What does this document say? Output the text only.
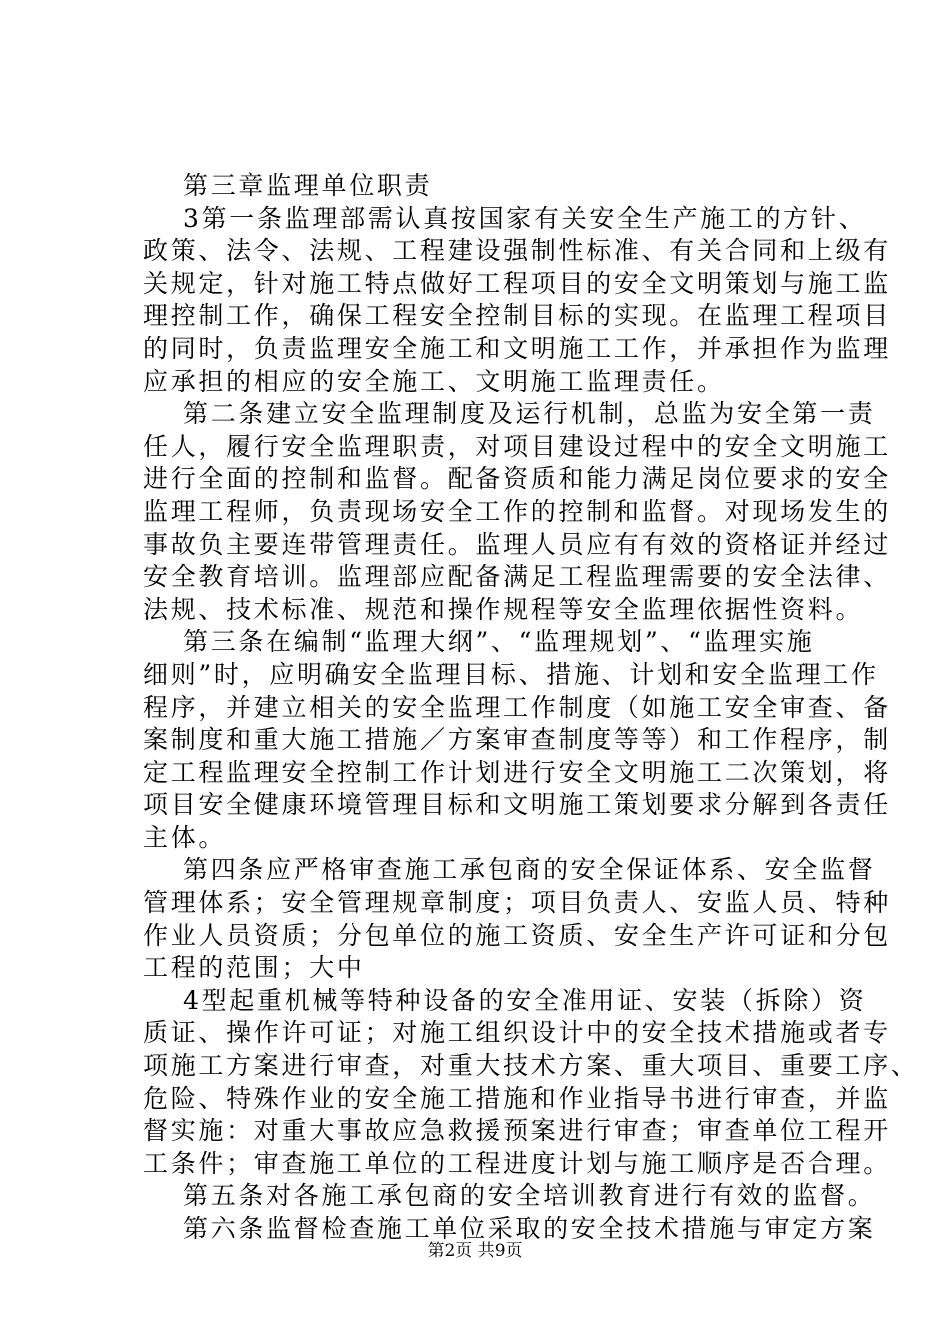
第三章监理单位职责
3第一条监理部需认真按国家有关安全生产施工的方针、
政策、法令、法规、工程建设强制性标准、有关合同和上级有
关规定，针对施工特点做好工程项目的安全文明策划与施工监
理控制工作，确保工程安全控制目标的实现。在监理工程项目
的同时，负责监理安全施工和文明施工工作，并承担作为监理
应承担的相应的安全施工、文明施工监理责任。
第二条建立安全监理制度及运行机制，总监为安全第一责
任人，履行安全监理职责，对项目建设过程中的安全文明施工
进行全面的控制和监督。配备资质和能力满足岗位要求的安全
监理工程师，负责现场安全工作的控制和监督。对现场发生的
事故负主要连带管理责任。监理人员应有有效的资格证并经过
安全教育培训。监理部应配备满足工程监理需要的安全法律、
法规、技术标准、规范和操作规程等安全监理依据性资料。
第三条在编制“监理大纲”、“监理规划”、“监理实施
细则”时，应明确安全监理目标、措施、计划和安全监理工作
程序，并建立相关的安全监理工作制度（如施工安全审查、备
案制度和重大施工措施／方案审查制度等等）和工作程序，制
定工程监理安全控制工作计划进行安全文明施工二次策划，将
项目安全健康环境管理目标和文明施工策划要求分解到各责任
主体。
第四条应严格审查施工承包商的安全保证体系、安全监督
管理体系；安全管理规章制度；项目负责人、安监人员、特种
作业人员资质；分包单位的施工资质、安全生产许可证和分包
工程的范围；大中
4型起重机械等特种设备的安全准用证、安装（拆除）资
质证、操作许可证；对施工组织设计中的安全技术措施或者专
项施工方案进行审查，对重大技术方案、重大项目、重要工序、
危险、特殊作业的安全施工措施和作业指导书进行审查，并监
督实施：对重大事故应急救援预案进行审查；审查单位工程开
工条件；审查施工单位的工程进度计划与施工顺序是否合理。
第五条对各施工承包商的安全培训教育进行有效的监督。
第六条监督检查施工单位采取的安全技术措施与审定方案
第2页 共9页
